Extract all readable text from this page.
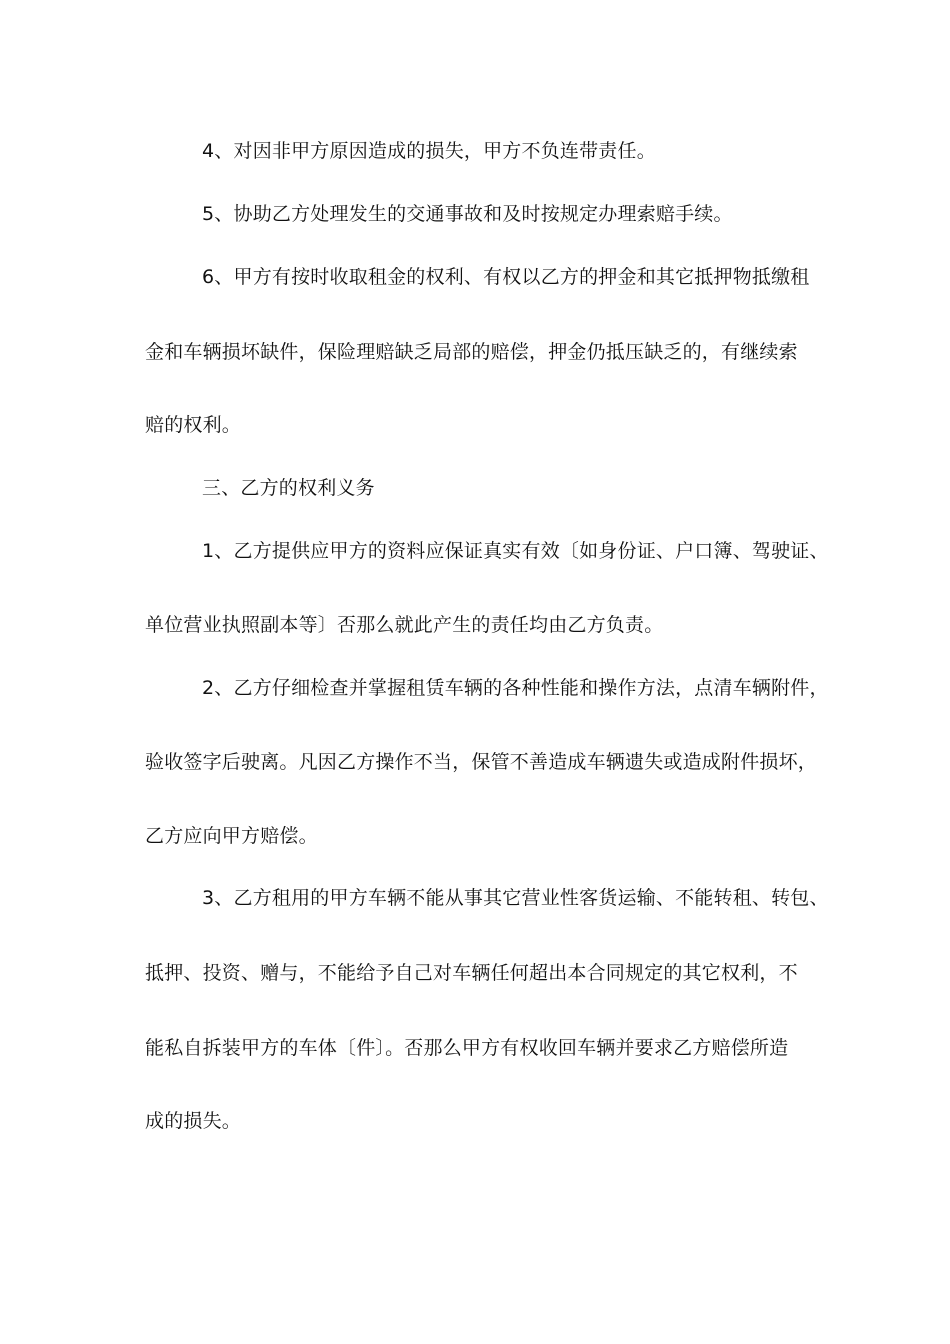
4、对因非甲方原因造成的损失，甲方不负连带责任。
5、协助乙方处理发生的交通事故和及时按规定办理索赔手续。
6、甲方有按时收取租金的权利、有权以乙方的押金和其它抵押物抵缴租
金和车辆损坏缺件，保险理赔缺乏局部的赔偿，押金仍抵压缺乏的，有继续索
赔的权利。
三、乙方的权利义务
1、乙方提供应甲方的资料应保证真实有效〔如身份证、户口簿、驾驶证、
单位营业执照副本等〕否那么就此产生的责任均由乙方负责。
2、乙方仔细检查并掌握租赁车辆的各种性能和操作方法，点清车辆附件，
验收签字后驶离。凡因乙方操作不当，保管不善造成车辆遗失或造成附件损坏，
乙方应向甲方赔偿。
3、乙方租用的甲方车辆不能从事其它营业性客货运输、不能转租、转包、
抵押、投资、赠与，不能给予自己对车辆任何超出本合同规定的其它权利，不
能私自拆装甲方的车体〔件〕。否那么甲方有权收回车辆并要求乙方赔偿所造
成的损失。
